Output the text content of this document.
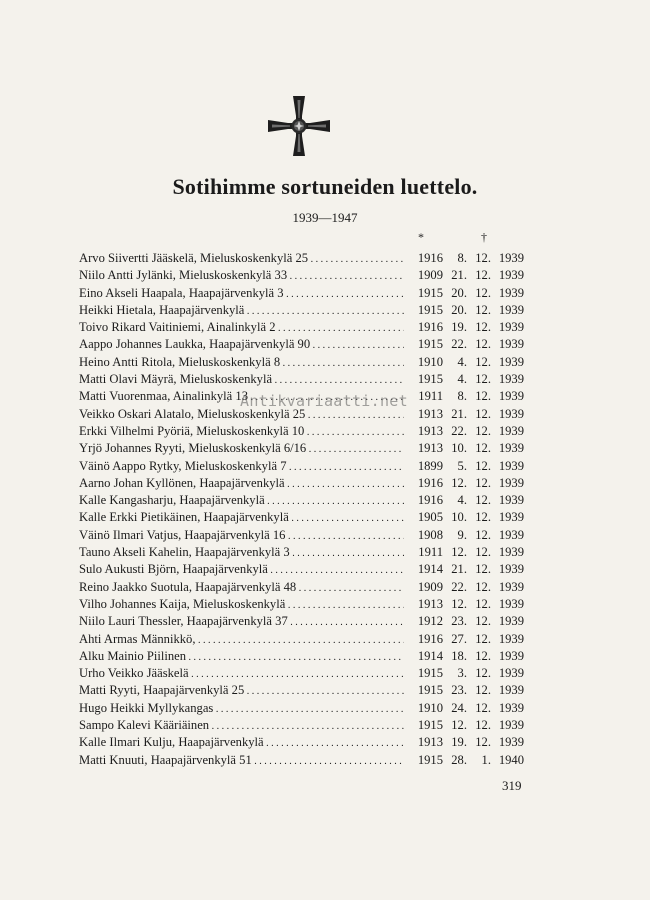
Sotihimme sortuneiden luettelo.
1939—1947
*	†
Arvo Siivertti Jääskelä, Mieluskoskenkylä 25 . . .	1916	8. 12. 1939
Niilo Antti Jylänki, Mieluskoskenkylä 33 . . .	1909 21. 12. 1939
Eino Akseli Haapala, Haapajärvenkylä 3 . . .	1915 20. 12. 1939
Heikki Hietala, Haapajärvenkylä . . .	1915 20. 12. 1939
Toivo Rikard Vaitiniemi, Ainalinkylä 2 . . .	1916 19. 12. 1939
Aappo Johannes Laukka, Haapajärvenkylä 90 . . .	1915 22. 12. 1939
Heino Antti Ritola, Mieluskoskenkylä 8 . . .	1910	4. 12. 1939
Matti Olavi Mäyrä, Mieluskoskenkylä . . .	1915	4. 12. 1939
Matti Vuorenmaa, Ainalinkylä 13 . . .	1911	8. 12. 1939
Veikko Oskari Alatalo, Mieluskoskenkylä 25 . . .	1913 21. 12. 1939
Erkki Vilhelmi Pyöriä, Mieluskoskenkylä 10 . . .	1913 22. 12. 1939
Yrjö Johannes Ryyti, Mieluskoskenkylä 6/16 . . .	1913 10. 12. 1939
Väinö Aappo Rytky, Mieluskoskenkylä 7 . . .	1899	5. 12. 1939
Aarno Johan Kyllönen, Haapajärvenkylä . . .	1916 12. 12. 1939
Kalle Kangasharju, Haapajärvenkylä . . .	1916	4. 12. 1939
Kalle Erkki Pietikäinen, Haapajärvenkylä . . .	1905 10. 12. 1939
Väinö Ilmari Vatjus, Haapajärvenkylä 16 . . .	1908	9. 12. 1939
Tauno Akseli Kahelin, Haapajärvenkylä 3 . . .	1911 12. 12. 1939
Sulo Aukusti Björn, Haapajärvenkylä . . .	1914 21. 12. 1939
Reino Jaakko Suotula, Haapajärvenkylä 48 . . .	1909 22. 12. 1939
Vilho Johannes Kaija, Mieluskoskenkylä . . .	1913 12. 12. 1939
Niilo Lauri Thessler, Haapajärvenkylä 37 . . .	1912 23. 12. 1939
Ahti Armas Männikkö, . . .	1916 27. 12. 1939
Alku Mainio Piilinen . . .	1914 18. 12. 1939
Urho Veikko Jääskelä . . .	1915	3. 12. 1939
Matti Ryyti, Haapajärvenkylä 25 . . .	1915 23. 12. 1939
Hugo Heikki Myllykangas . . .	1910 24. 12. 1939
Sampo Kalevi Kääriäinen . . .	1915 12. 12. 1939
Kalle Ilmari Kulju, Haapajärvenkylä . . .	1913 19. 12. 1939
Matti Knuuti, Haapajärvenkylä 51 . . .	1915 28.	1. 1940
Antikvariaatti.net
319
